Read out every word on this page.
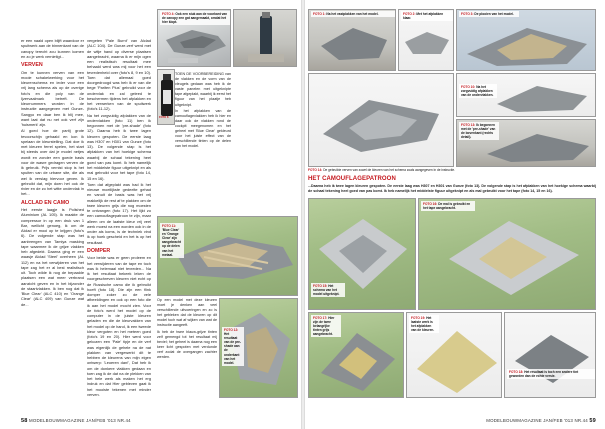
er een naald open blijft waardoor er spuitwerk aan de binnenkant van de canopy terecht zou kunnen komen en zo je werk vernietigt...

VERVEN

Om te kunnen verven van een mooie schakelwerking voor het kleurenschema en ieder voor een vrij lang schema als op de overige foto's en die poly van de Ijzervaalmark betreft. De kleurnummers worden in de instructie aangegeven met Gunze-Sangyo en daar ben ik blij mee, want laat dat nu net ook verf zijn 'huismerk' zijn.

Al goed hoe de partij grote tevoorschijn gehaald en kon ik spelaan de kleurstelling. Dat doe ik met kleuren ferrel spelen, het start bij steeds over dat je model netjes wordt en zonder een goede basis voor de wasre gedragen verven de ik gebruik. Prijs vernist stop is het spuiten van de urbane site, die als wel ik verslag hiervoor geven. Ik gebruikt dat, mijn doen het ook de rivier en de zo het witte ondervlak in het...

ALCLAD EN CAMO

Het eerste laagje is Polished Aluminium (AL 105). Ik maakte de compressor in op een druk van 1 Bar, wellicht genoeg, ik om de Alclad er mooi op te krijgen (foto's 6). De volgende stap was het aanbrengen van Tamiya masking tape waarmee ik de grijze vlakken heb afgedekt. Daarna ging er een waasje Alclad 'Steel' overheen (AL 112) en na het verwijderen van het tape zag het er al best realistisch uit. Toch wilde ik nog de bepaalde plaatsen een wat meer verbrand aanzicht geven en in het bijzonder de staartvlakken. Ik ben nog dat ik 'Blue Clear' (ALC 410) en 'Orange Clear' (ALC 409) van Gunze wat de...

vergeten 'Pale Burnt' van Alclad (ALC 104). De Gunze-verf werd met de witje hand op diverse plaatsen aangebracht, waarna ik er mijn ogen een realistisch resultaat mee behaald werd was mij voor het een tevredenheid over (foto's 8, 9 en 10). Toen dat allemaal goed doorgedroogd was heb ik er van die bege 'Pariten Plus' gebruikt voor de ondervlak en zal geleed te beschermen tijdens het afplakken en het verwerken van de spuitwerk (foto's 11-12).

Na het zorgvuldig afplakken van de ondervlakken (foto 11) ben ik begonnen met de 'pre-shade' (foto 12). Daarna heb ik twee lagen kleuren gespoten. De eerste laag was H307 en H301 van Gunze (foto 13). De volgende stap is het afplakken van het hoekige schema waarbij de schaal tekening heel goed van pas komt. Ik heb namelijk het middelste figuur uitgeknipt en als mal gebruikt voor het tape (foto 14, 15 en 16).

Toen dat afgeplakt was had ik het nieuwe moeilijkste gedeelte gehad en vanuit de basis was het vrij makkelijk de rest af te plakken om de twee kleuren grijs die nog moesten te ontvangen (foto 17). Het lijkt zo een camouflagepatroon te zijn, maar alleen om de laatste kleur vrij veel werk moest na een worden ook in de onder als koms, is de techniek vind ik op hoek gescheid en het is op het resultaat.

DOMPER

Voor beide was er geen proleem en het verwijderen van de tape en toch was ik helemaal niet tevreden... Na ik het resultaat bekeek leken de voorgeschreven kleuren niet echt op de Russische camo die ik gebruikt hoeft (foto 18). Die zijn een flink domper zoker zo de vele afbeeldingen en ook op een foto die ik aan het model mocht zien. Voor de foto's werd het model op de computer in de juiste kleuren geladen en die de kleurvakken van het model op de hand, ik een tweede kleur vergoten en het meteen goed (foto's 19 en 20). Hier werd voor gekozen een 'Pale' tipje en de verf was eigenlijk de gehele na de nat plakken van vergewerkt dit te hebben de kleurens van mijn eigen ontwerp: 'Leoeren dan!', Dat heb ik om de donkere vlakken gedaan en toen zag ik de dat na de plekken van het hele werk als maken het erg indruk en dat Hier gebleven gaat ik het mooiste tekenen met minder verven.

FOTO 4: Ook een stuk aan de voorkant van de canopy een gat aangemaakt, omdat het hier klopt.
FOTO 6:

TOEN DE VOORBEREIDING van de vlakken en de vorm van de vleugels gedaan was heb ik de vaste panelen met uitgeknipte tape afgeplakt, waarbij ik eerst het figuur van het plaatje heb uitgeknipt.

In het afplakken van de camouflagevlakken heb ik hier en daar ook de vlakken rond de cockpit meegenomen en het geheel met 'Blue Clear' gekleurd voor het juiste effect van de verschillende tinten op de delen van het model.

FOTO 11: 'Blue Clear' en 'Orange Clear' zijn aangebracht op de delen van het metaal.

Op een model met deze kleuren moet je denken aan veel verschillende uitvoeringen en zo is het gebleken dat de kleuren op dit model toch wat af wijken van wat de instructie aangeeft.

Ik heb de twee blauw-grijze tinten zelf gemengd tot het resultaat mij beviel; het geheel is daarna nog een keer licht gespoten met verdunde verf zodat de overgangen zachter werden.

FOTO 12: Het resultaat van de pre-shade aan de onderkant van het model.
58 MODELBOUWMAGAZINE JAN/FEB '013 NR.44
FOTO 1: Na het vastplakken van het model.	FOTO 2: Met het afplakken klaar.
FOTO 3: De plooien van het model.
FOTO 10: Na het zorgvuldig afplakken van de ondervlakken.
FOTO 13: Ik begonnen met de 'pre-shade' van de bovenkant (rechts detail).
FOTO 14: De gebruikte verven van zowel de kleuren van het schema zoals aangegeven in de instructie.
HET CAMOUFLAGEPATROON
...Daarna heb ik twee lagen kleuren gespoten. De eerste laag was H307 en H301 van Gunze (foto 13). De volgende stap is het afplakken van het hoekige schema waarbij de schaal tekening heel goed van pas komt. Ik heb namelijk het middelste figuur uitgeknipt en als mal gebruikt voor het tape (foto 14, 15 en 16).
FOTO 15: Het schema van het model uitgeknipt.
FOTO 16: De mal is gebruikt en het tape aangebracht.
FOTO 17: Hier zijn de twee belangrijke tinten grijs aangebracht.
FOTO 19: Het laatste werk is het afplakken van de kleuren.
FOTO 18: Het resultaat is toch een andere tint geworden dan de echte versie.
MODELBOUWMAGAZINE JAN/FEB '013 NR.44 59
